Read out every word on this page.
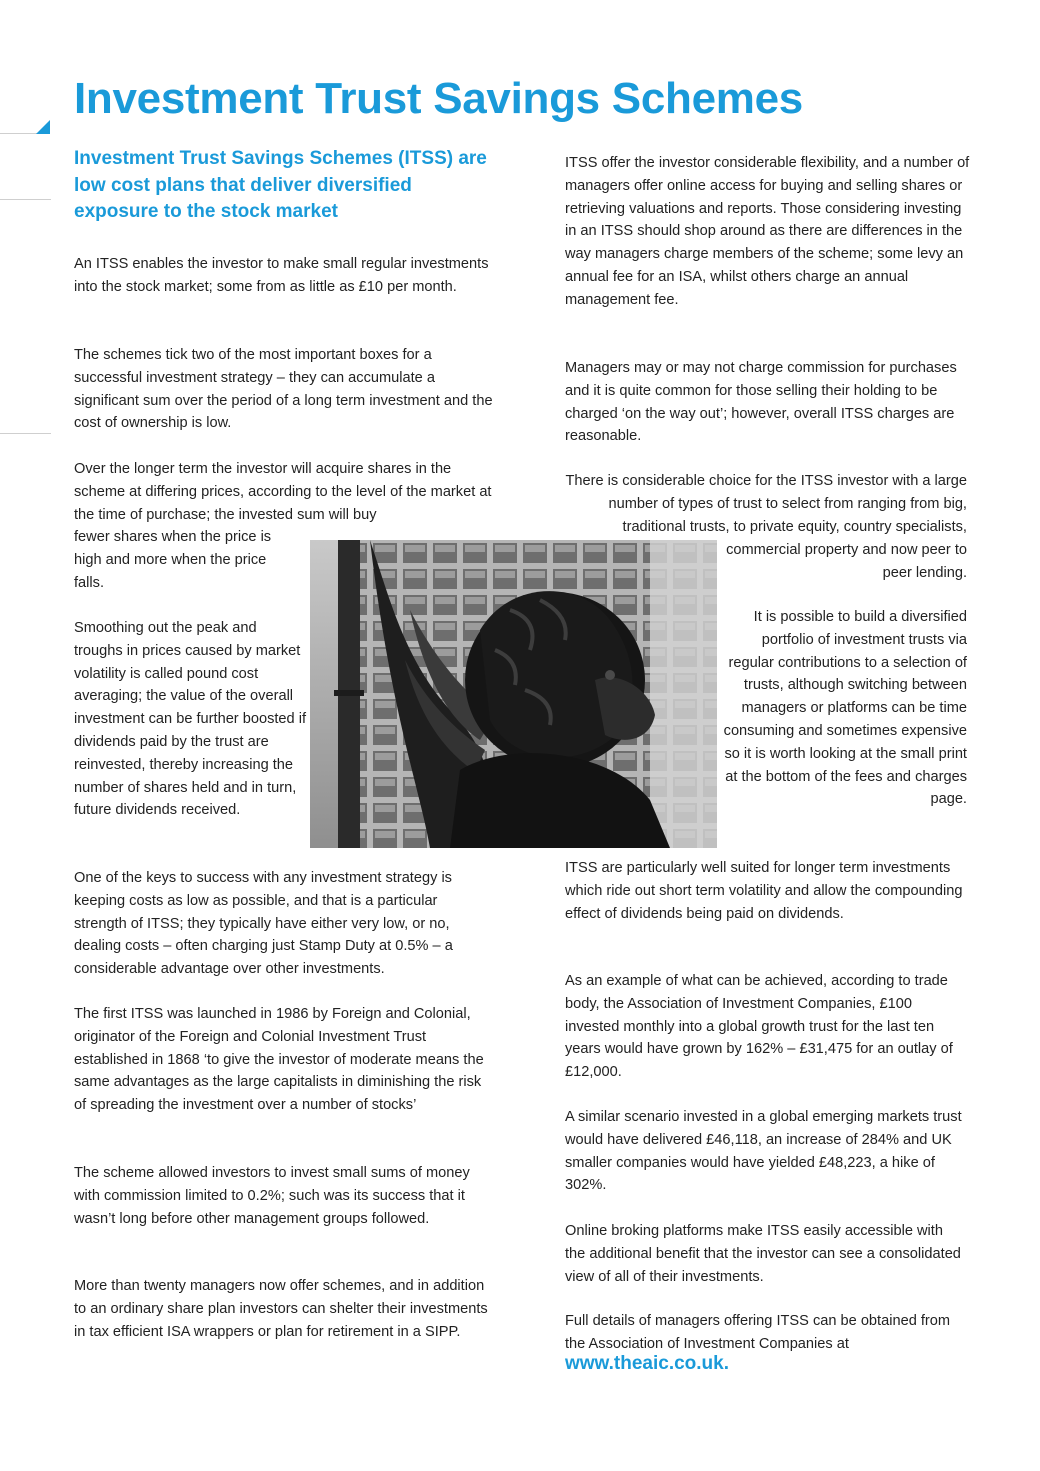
Investment Trust Savings Schemes

Investment Trust Savings Schemes (ITSS) are low cost plans that deliver diversified exposure to the stock market

An ITSS enables the investor to make small regular investments into the stock market; some from as little as £10 per month.

The schemes tick two of the most important boxes for a successful investment strategy – they can accumulate a significant sum over the period of a long term investment and the cost of ownership is low.

Over the longer term the investor will acquire shares in the scheme at differing prices, according to the level of the market at the time of purchase; the invested sum will buy

fewer shares when the price is high and more when the price falls.

Smoothing out the peak and troughs in prices caused by market volatility is called pound cost averaging; the value of the overall investment can be further boosted if dividends paid by the trust are reinvested, thereby increasing the number of shares held and in turn, future dividends received.

One of the keys to success with any investment strategy is keeping costs as low as possible, and that is a particular strength of ITSS; they typically have either very low, or no, dealing costs – often charging just Stamp Duty at 0.5% – a considerable advantage over other investments.

The first ITSS was launched in 1986 by Foreign and Colonial, originator of the Foreign and Colonial Investment Trust established in 1868 ‘to give the investor of moderate means the same advantages as the large capitalists in diminishing the risk of spreading the investment over a number of stocks’

The scheme allowed investors to invest small sums of money with commission limited to 0.2%; such was its success that it wasn’t long before other management groups followed.

More than twenty managers now offer schemes, and in addition to an ordinary share plan investors can shelter their investments in tax efficient ISA wrappers or plan for retirement in a SIPP.

ITSS offer the investor considerable flexibility, and a number of managers offer online access for buying and selling shares or retrieving valuations and reports. Those considering investing in an ITSS should shop around as there are differences in the way managers charge members of the scheme; some levy an annual fee for an ISA, whilst others charge an annual management fee.

Managers may or may not charge commission for purchases and it is quite common for those selling their holding to be charged ‘on the way out’; however, overall ITSS charges are reasonable.

There is considerable choice for the ITSS investor with a large number of types of trust to select from ranging from big, traditional trusts, to private equity, country specialists,

commercial property and now peer to peer lending.

It is possible to build a diversified portfolio of investment trusts via regular contributions to a selection of trusts, although switching between managers or platforms can be time consuming and sometimes expensive so it is worth looking at the small print at the bottom of the fees and charges page.

ITSS are particularly well suited for longer term investments which ride out short term volatility and allow the compounding effect of dividends being paid on dividends.

As an example of what can be achieved, according to trade body, the Association of Investment Companies, £100 invested monthly into a global growth trust for the last ten years would have grown by 162% – £31,475 for an outlay of £12,000.

A similar scenario invested in a global emerging markets trust would have delivered £46,118, an increase of 284% and UK smaller companies would have yielded £48,223, a hike of 302%.

Online broking platforms make ITSS easily accessible with the additional benefit that the investor can see a consolidated view of all of their investments.

Full details of managers offering ITSS can be obtained from the Association of Investment Companies at

www.theaic.co.uk.
